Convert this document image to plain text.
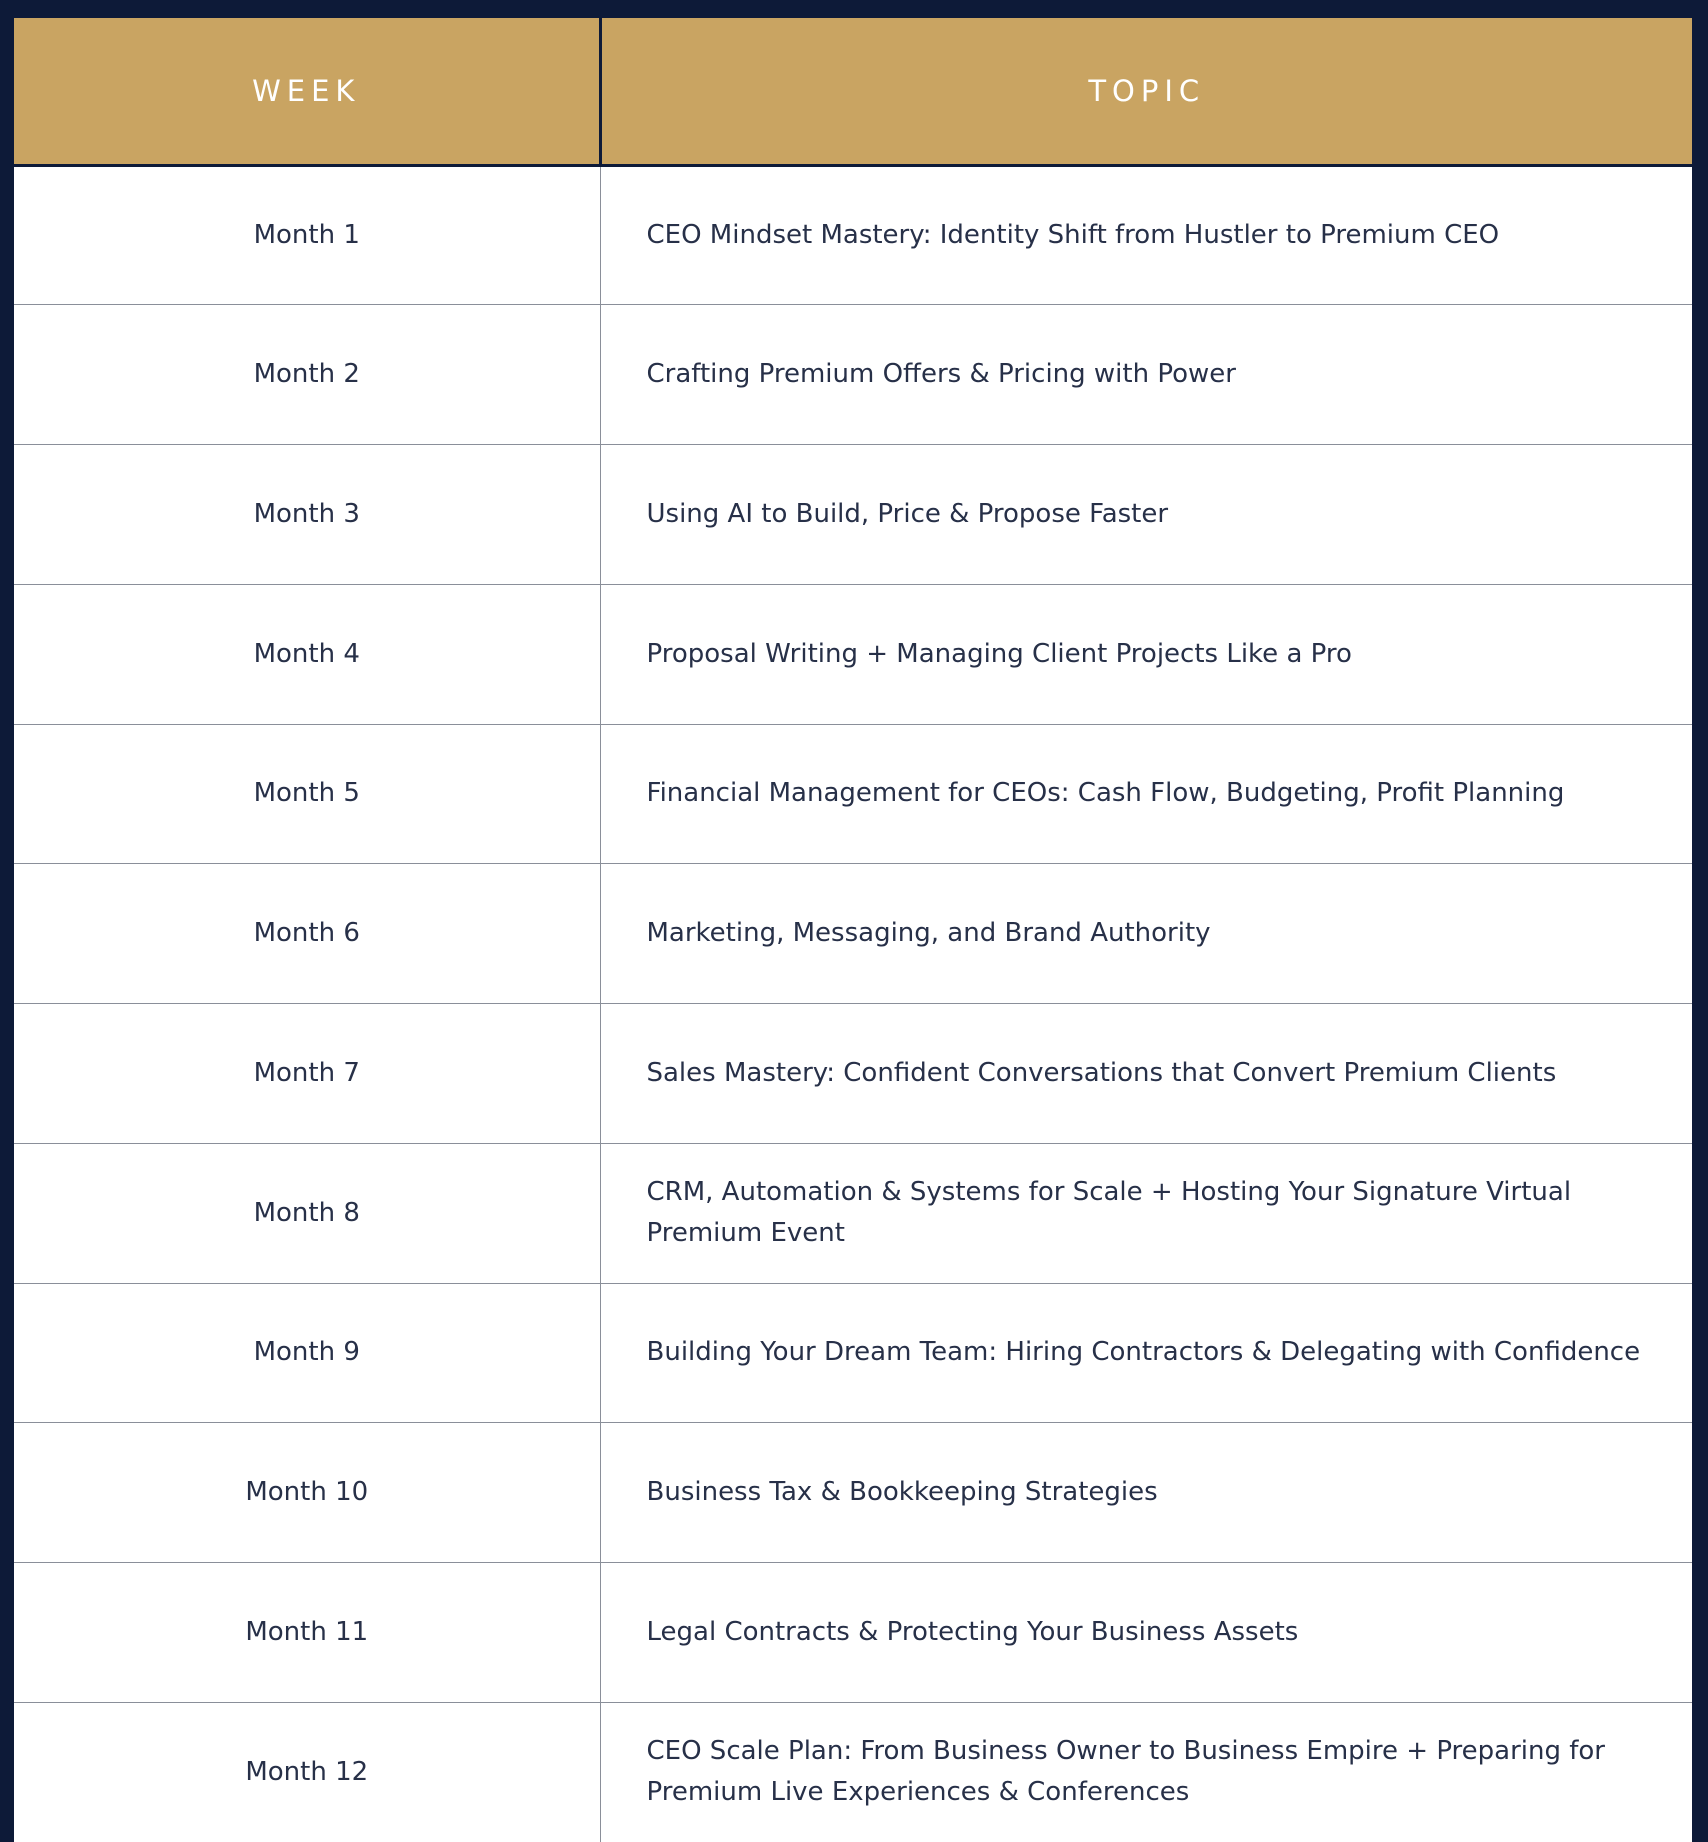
WEEK	TOPIC
Month 1	CEO Mindset Mastery: Identity Shift from Hustler to Premium CEO
Month 2	Crafting Premium Offers & Pricing with Power
Month 3	Using AI to Build, Price & Propose Faster
Month 4	Proposal Writing + Managing Client Projects Like a Pro
Month 5	Financial Management for CEOs: Cash Flow, Budgeting, Profit Planning
Month 6	Marketing, Messaging, and Brand Authority
Month 7	Sales Mastery: Confident Conversations that Convert Premium Clients
Month 8	CRM, Automation & Systems for Scale + Hosting Your Signature Virtual Premium Event
Month 9	Building Your Dream Team: Hiring Contractors & Delegating with Confidence
Month 10	Business Tax & Bookkeeping Strategies
Month 11	Legal Contracts & Protecting Your Business Assets
Month 12	CEO Scale Plan: From Business Owner to Business Empire + Preparing for Premium Live Experiences & Conferences
